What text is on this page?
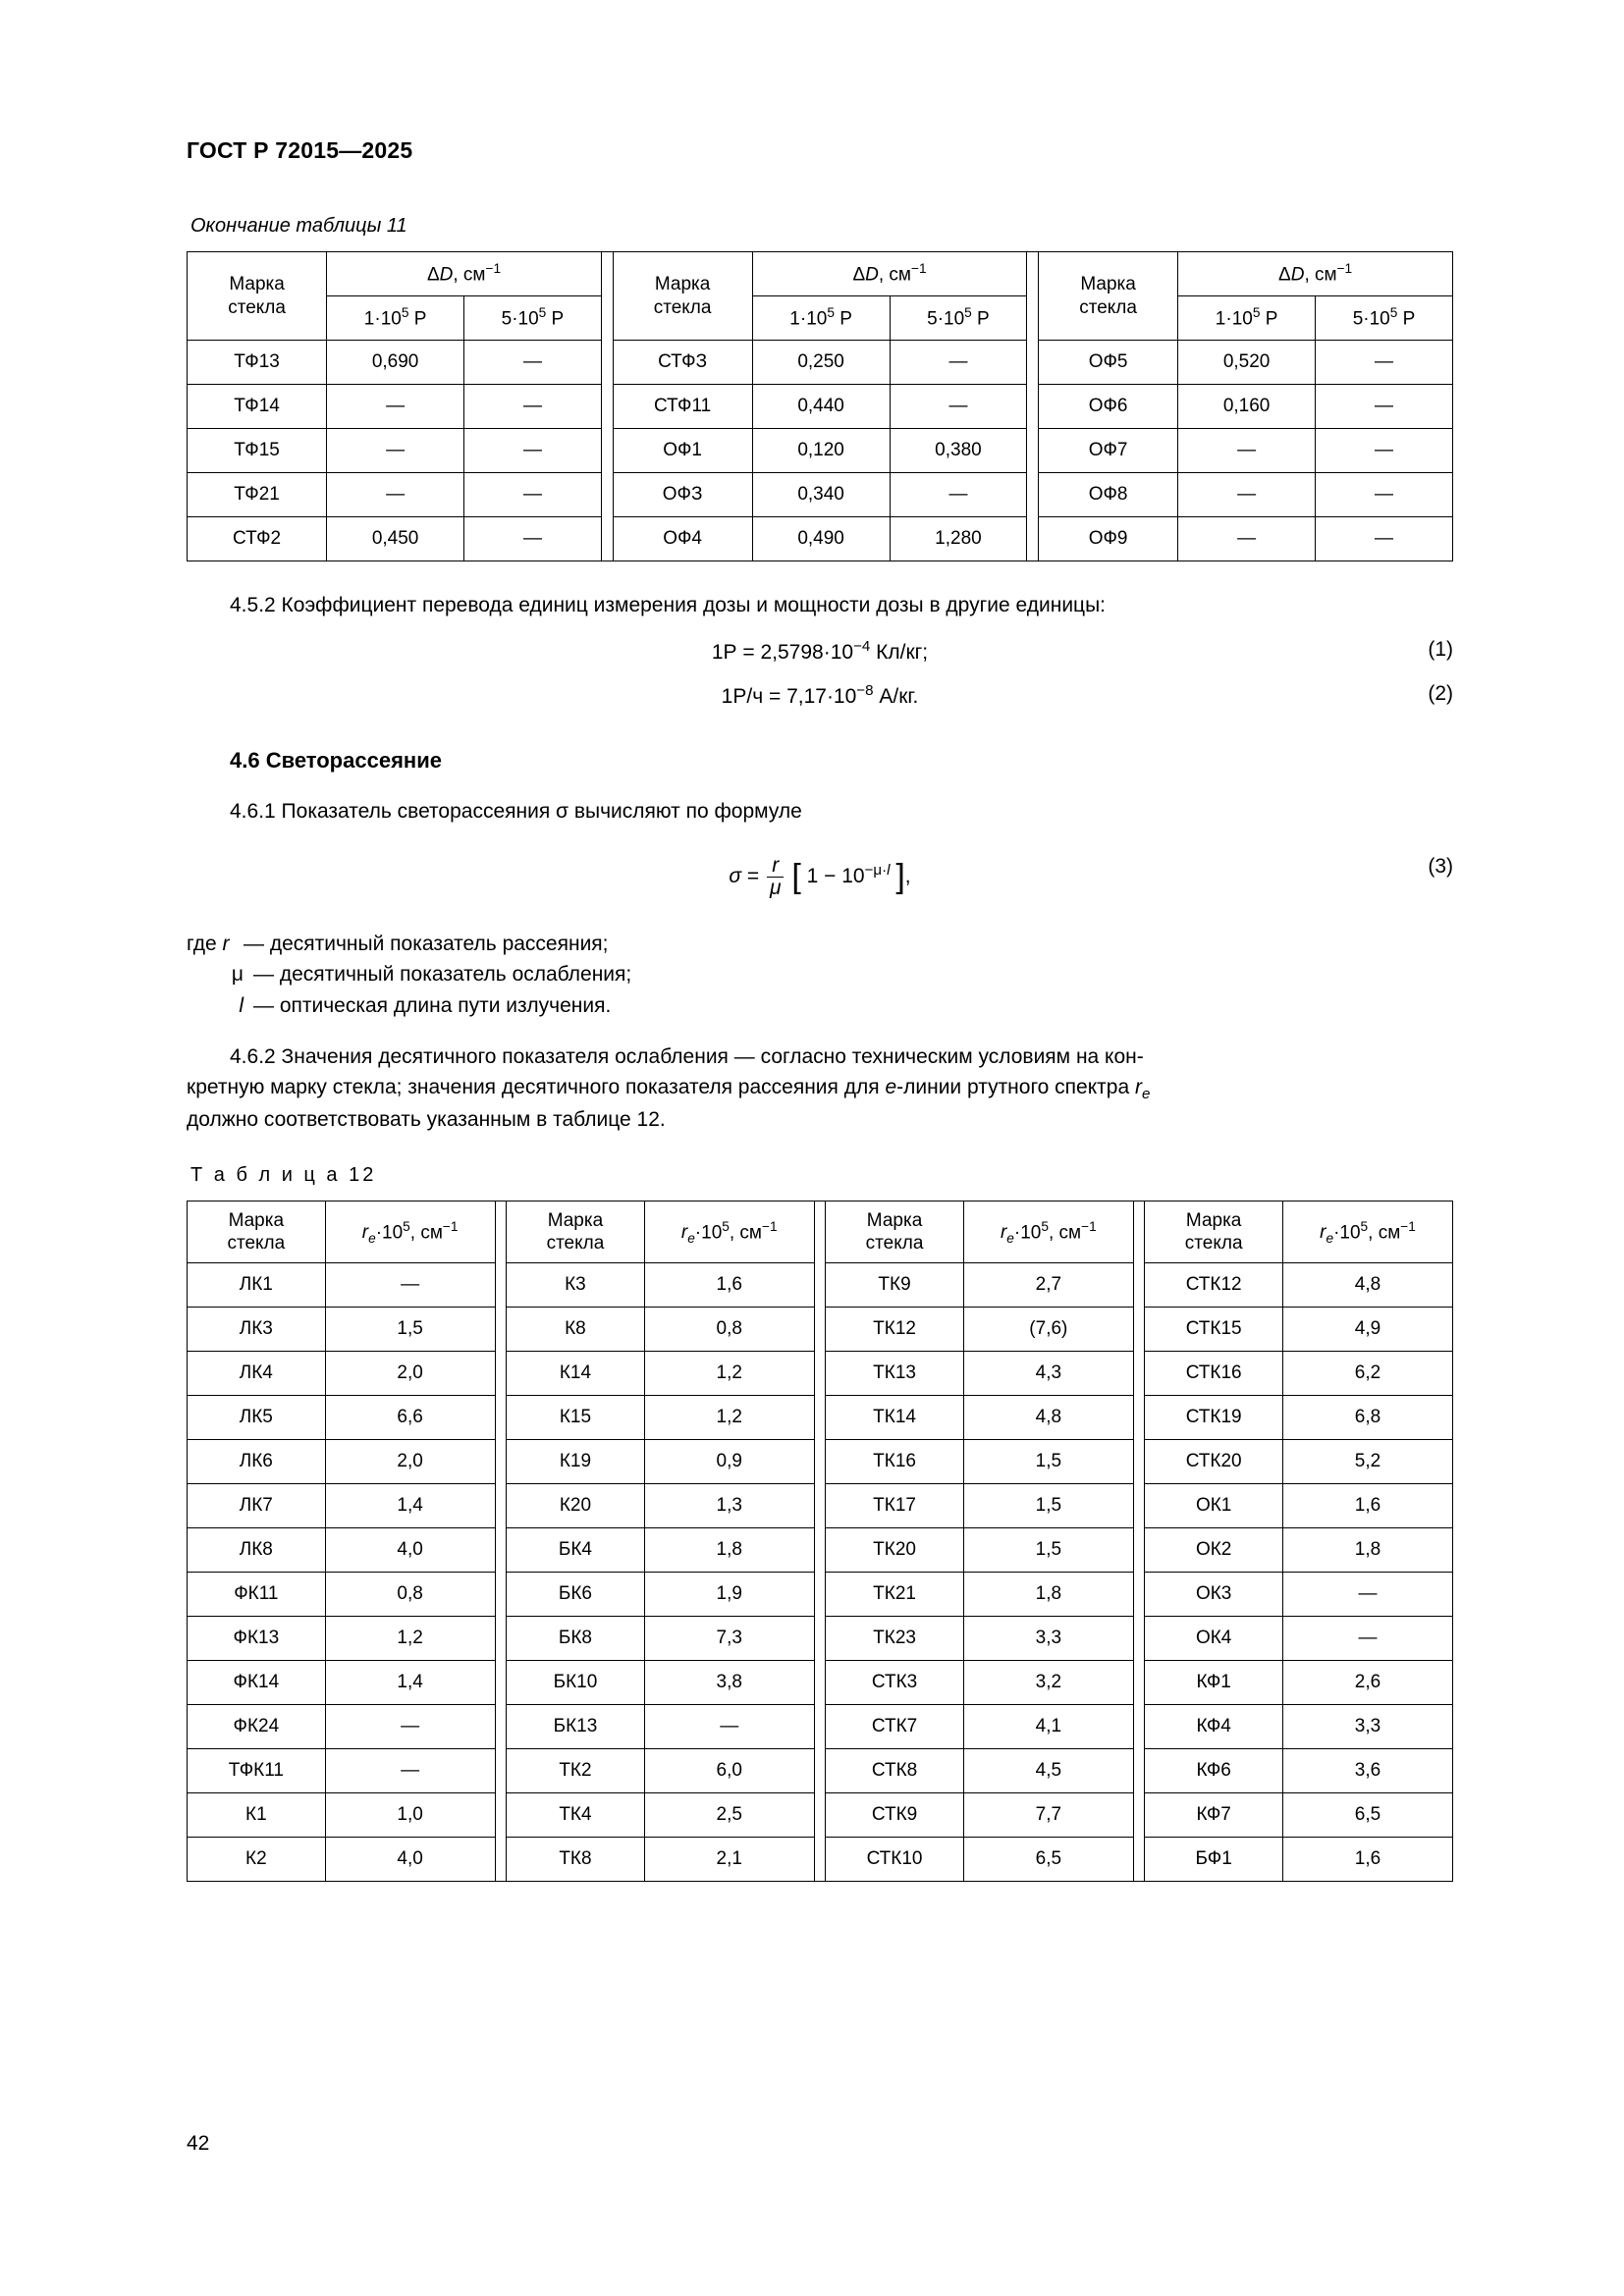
ГОСТ Р 72015—2025
Окончание таблицы 11
Марка
стекла	ΔD, $см^{-1}$			Марка
стекла	ΔD, $см^{-1}$			Марка
стекла	ΔD, $см^{-1}$
	$1\cdot 10^5$ Р	$5\cdot 10^5$ Р			$1\cdot 10^5$ Р	$5\cdot 10^5$ Р			$1\cdot 10^5$ Р	$5\cdot 10^5$ Р
ТФ13	0,690	—		СТФЗ	0,250	—		ОФ5	0,520	—
ТФ14	—	—		СТФ11	0,440	—		ОФ6	0,160	—
ТФ15	—	—		ОФ1	0,120	0,380		ОФ7	—	—
ТФ21	—	—		ОФЗ	0,340	—		ОФ8	—	—
СТФ2	0,450	—		ОФ4	0,490	1,280		ОФ9	—	—

4.5.2 Коэффициент перевода единиц измерения дозы и мощности дозы в другие единицы:

$1Р = 2,5798\cdot 10^{-4}$ Кл/кг;	(1)
$1Р/ч = 7,17\cdot 10^{-8}$ А/кг.	(2)
4.6 Светорассеяние

4.6.1 Показатель светорассеяния σ вычисляют по формуле

$\sigma = \frac{r}{\mu}$ [ $1 - 10^{-\mu\cdot l}$ ],	(3)
где r — десятичный показатель рассеяния;
μ — десятичный показатель ослабления;
l — оптическая длина пути излучения.

4.6.2 Значения десятичного показателя ослабления — согласно техническим условиям на кон-

кретную марку стекла; значения десятичного показателя рассеяния для e-линии ртутного спектра $r_e$

должно соответствовать указанным в таблице 12.

Т а б л и ц а 12
Марка
стекла	$r_e\cdot 10^5$, $см^{-1}$		Марка
стекла	$r_e\cdot 10^5$, $см^{-1}$		Марка
стекла	$r_e\cdot 10^5$, $см^{-1}$		Марка
стекла	$r_e\cdot 10^5$, $см^{-1}$
ЛК1	—		К3	1,6		ТК9	2,7		СТК12	4,8
ЛК3	1,5		К8	0,8		ТК12	(7,6)		СТК15	4,9
ЛК4	2,0		К14	1,2		ТК13	4,3		СТК16	6,2
ЛК5	6,6		К15	1,2		ТК14	4,8		СТК19	6,8
ЛК6	2,0		К19	0,9		ТК16	1,5		СТК20	5,2
ЛК7	1,4		К20	1,3		ТК17	1,5		ОК1	1,6
ЛК8	4,0		БК4	1,8		ТК20	1,5		ОК2	1,8
ФК11	0,8		БК6	1,9		ТК21	1,8		ОК3	—
ФК13	1,2		БК8	7,3		ТК23	3,3		ОК4	—
ФК14	1,4		БК10	3,8		СТК3	3,2		КФ1	2,6
ФК24	—		БК13	—		СТК7	4,1		КФ4	3,3
ТФК11	—		ТК2	6,0		СТК8	4,5		КФ6	3,6
К1	1,0		ТК4	2,5		СТК9	7,7		КФ7	6,5
К2	4,0		ТК8	2,1		СТК10	6,5		БФ1	1,6
42
